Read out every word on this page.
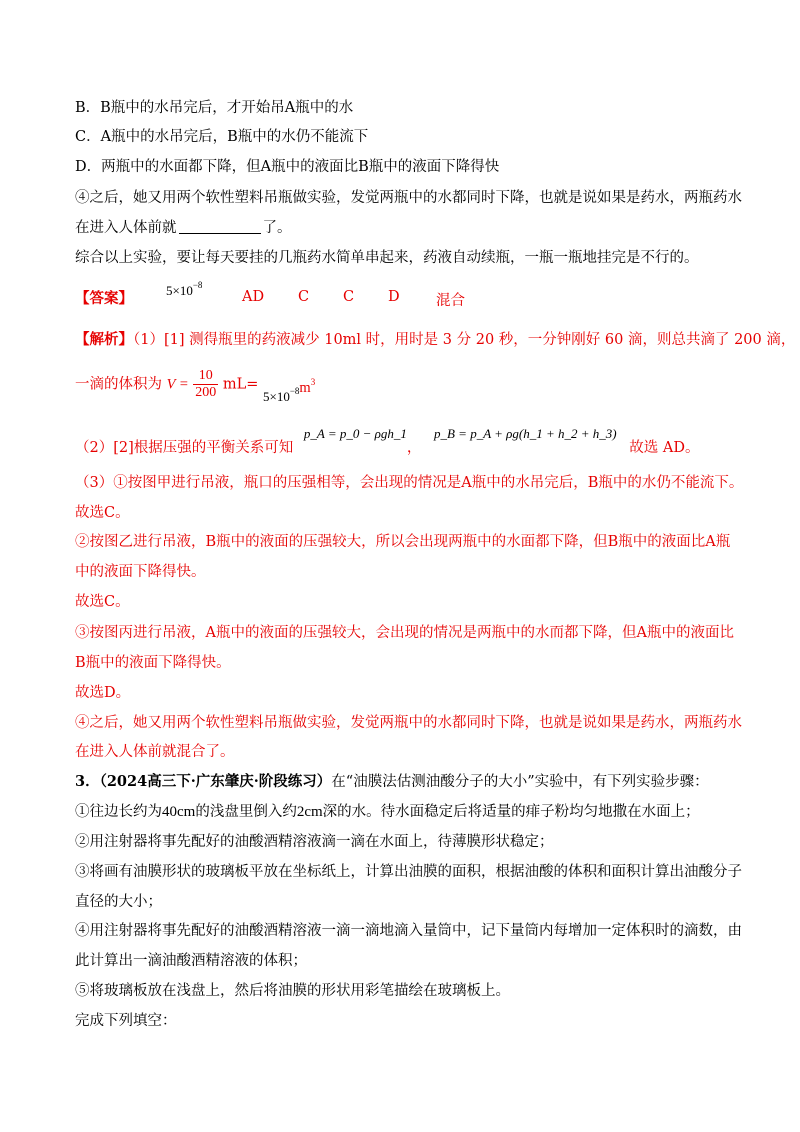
B．B瓶中的水吊完后，才开始吊A瓶中的水
C．A瓶中的水吊完后，B瓶中的水仍不能流下
D．两瓶中的水面都下降，但A瓶中的液面比B瓶中的液面下降得快
④之后，她又用两个软性塑料吊瓶做实验，发觉两瓶中的水都同时下降，也就是说如果是药水，两瓶药水
在进入人体前就	了。
综合以上实验，要让每天要挂的几瓶药水简单串起来，药液自动续瓶，一瓶一瓶地挂完是不行的。
【答案】	$5\times 10^{-8}$
AD C C D	混合
【解析】（1）[1] 测得瓶里的药液减少 10ml 时，用时是 3 分 20 秒，一分钟刚好 60 滴，则总共滴了 200 滴，
一滴的体积为 $V = \frac{10}{200} mL= 5\times 10^{-8}m^3$
（2）[2]根据压强的平衡关系可知 p_A = p_0 − ρgh_1， p_B = p_A + ρg(h_1 + h_2 + h_3) 故选 AD。
（3）①按图甲进行吊液，瓶口的压强相等，会出现的情况是A瓶中的水吊完后，B瓶中的水仍不能流下。
故选C。
②按图乙进行吊液，B瓶中的液面的压强较大，所以会出现两瓶中的水面都下降，但B瓶中的液面比A瓶
中的液面下降得快。
故选C。
③按图丙进行吊液，A瓶中的液面的压强较大，会出现的情况是两瓶中的水而都下降，但A瓶中的液面比
B瓶中的液面下降得快。
故选D。
④之后，她又用两个软性塑料吊瓶做实验，发觉两瓶中的水都同时下降，也就是说如果是药水，两瓶药水
在进入人体前就混合了。
3．（2024高三下·广东肇庆·阶段练习）在“油膜法估测油酸分子的大小”实验中，有下列实验步骤：
①往边长约为40cm的浅盘里倒入约2cm深的水。待水面稳定后将适量的痱子粉均匀地撒在水面上；
②用注射器将事先配好的油酸酒精溶液滴一滴在水面上，待薄膜形状稳定；
③将画有油膜形状的玻璃板平放在坐标纸上，计算出油膜的面积，根据油酸的体积和面积计算出油酸分子
直径的大小；
④用注射器将事先配好的油酸酒精溶液一滴一滴地滴入量筒中，记下量筒内每增加一定体积时的滴数，由
此计算出一滴油酸酒精溶液的体积；
⑤将玻璃板放在浅盘上，然后将油膜的形状用彩笔描绘在玻璃板上。
完成下列填空：
